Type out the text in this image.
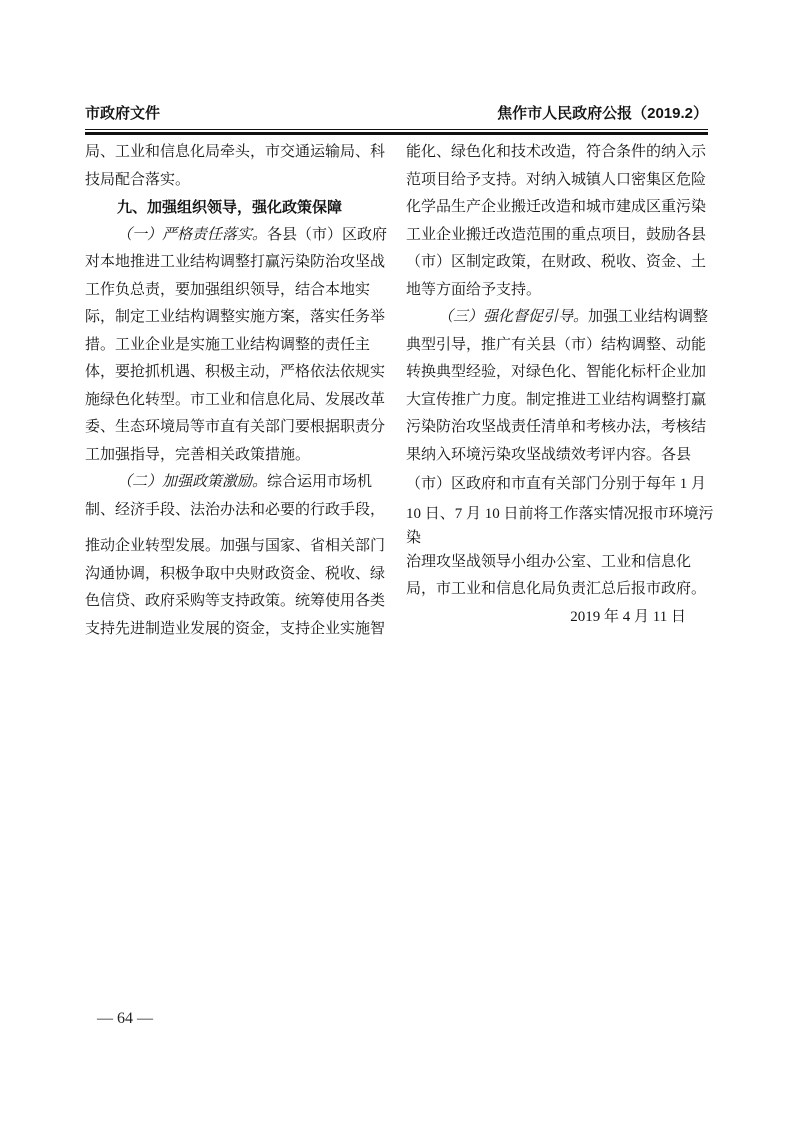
市政府文件	焦作市人民政府公报（2019.2）
局、工业和信息化局牵头，市交通运输局、科
技局配合落实。
九、加强组织领导，强化政策保障
（一）严格责任落实。各县（市）区政府
对本地推进工业结构调整打赢污染防治攻坚战
工作负总责，要加强组织领导，结合本地实
际，制定工业结构调整实施方案，落实任务举
措。工业企业是实施工业结构调整的责任主
体，要抢抓机遇、积极主动，严格依法依规实
施绿色化转型。市工业和信息化局、发展改革
委、生态环境局等市直有关部门要根据职责分
工加强指导，完善相关政策措施。
（二）加强政策激励。综合运用市场机
制、经济手段、法治办法和必要的行政手段，
推动企业转型发展。加强与国家、省相关部门
沟通协调，积极争取中央财政资金、税收、绿
色信贷、政府采购等支持政策。统筹使用各类
支持先进制造业发展的资金，支持企业实施智
能化、绿色化和技术改造，符合条件的纳入示
范项目给予支持。对纳入城镇人口密集区危险
化学品生产企业搬迁改造和城市建成区重污染
工业企业搬迁改造范围的重点项目，鼓励各县
（市）区制定政策，在财政、税收、资金、土
地等方面给予支持。
（三）强化督促引导。加强工业结构调整
典型引导，推广有关县（市）结构调整、动能
转换典型经验，对绿色化、智能化标杆企业加
大宣传推广力度。制定推进工业结构调整打赢
污染防治攻坚战责任清单和考核办法，考核结
果纳入环境污染攻坚战绩效考评内容。各县
（市）区政府和市直有关部门分别于每年 1 月
10 日、7 月 10 日前将工作落实情况报市环境污
染
治理攻坚战领导小组办公室、工业和信息化
局，市工业和信息化局负责汇总后报市政府。
2019 年 4 月 11 日
— 64 —
